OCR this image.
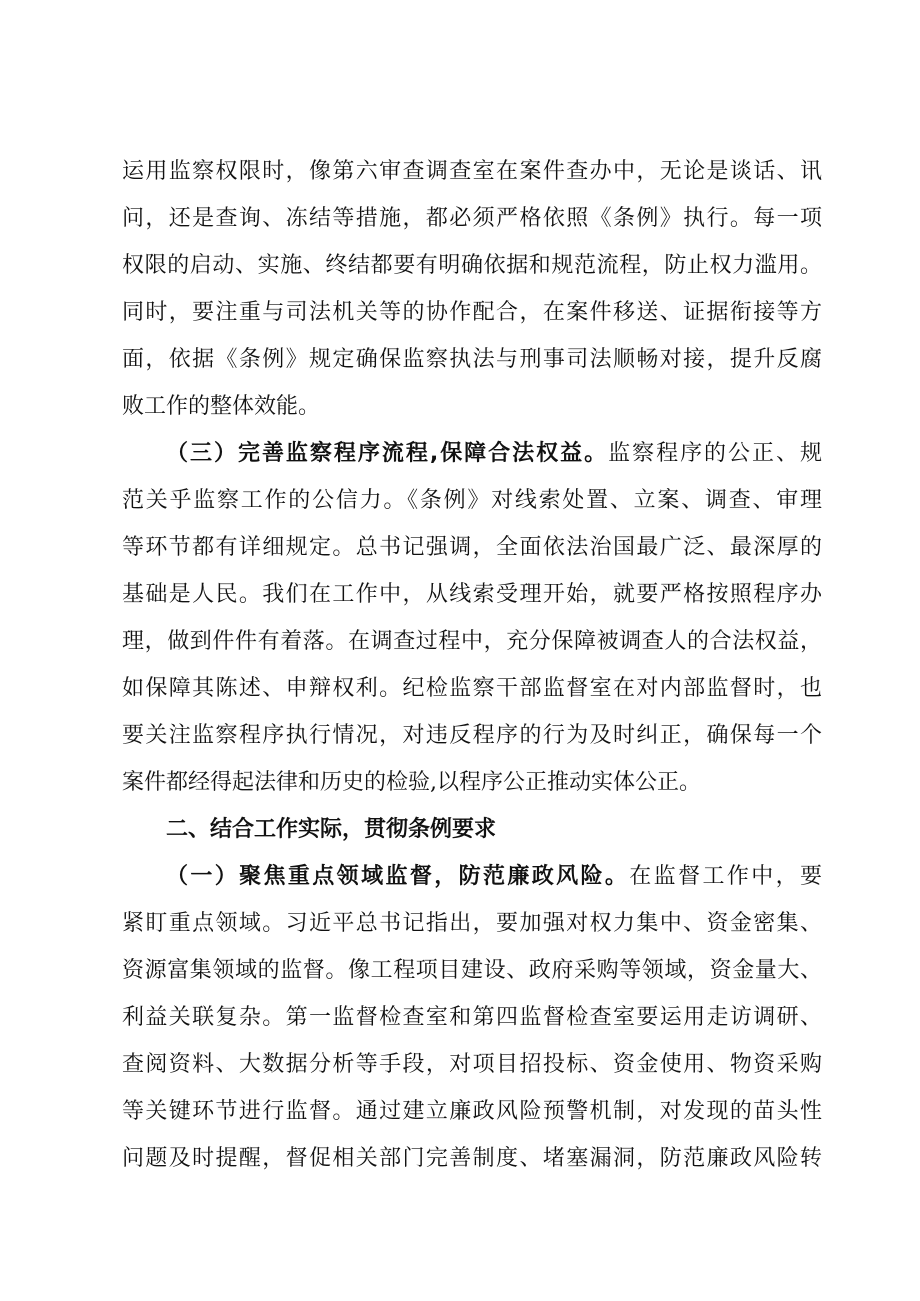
运用监察权限时，像第六审查调查室在案件查办中，无论是谈话、讯

问，还是查询、冻结等措施，都必须严格依照《条例》执行。每一项

权限的启动、实施、终结都要有明确依据和规范流程，防止权力滥用。

同时，要注重与司法机关等的协作配合，在案件移送、证据衔接等方

面，依据《条例》规定确保监察执法与刑事司法顺畅对接，提升反腐

败工作的整体效能。

（三）完善监察程序流程,保障合法权益。监察程序的公正、规

范关乎监察工作的公信力。《条例》对线索处置、立案、调查、审理

等环节都有详细规定。总书记强调，全面依法治国最广泛、最深厚的

基础是人民。我们在工作中，从线索受理开始，就要严格按照程序办

理，做到件件有着落。在调查过程中，充分保障被调查人的合法权益，

如保障其陈述、申辩权利。纪检监察干部监督室在对内部监督时，也

要关注监察程序执行情况，对违反程序的行为及时纠正，确保每一个

案件都经得起法律和历史的检验,以程序公正推动实体公正。

二、结合工作实际，贯彻条例要求

（一）聚焦重点领域监督，防范廉政风险。在监督工作中，要

紧盯重点领域。习近平总书记指出，要加强对权力集中、资金密集、

资源富集领域的监督。像工程项目建设、政府采购等领域，资金量大、

利益关联复杂。第一监督检查室和第四监督检查室要运用走访调研、

查阅资料、大数据分析等手段，对项目招投标、资金使用、物资采购

等关键环节进行监督。通过建立廉政风险预警机制，对发现的苗头性

问题及时提醒，督促相关部门完善制度、堵塞漏洞，防范廉政风险转
